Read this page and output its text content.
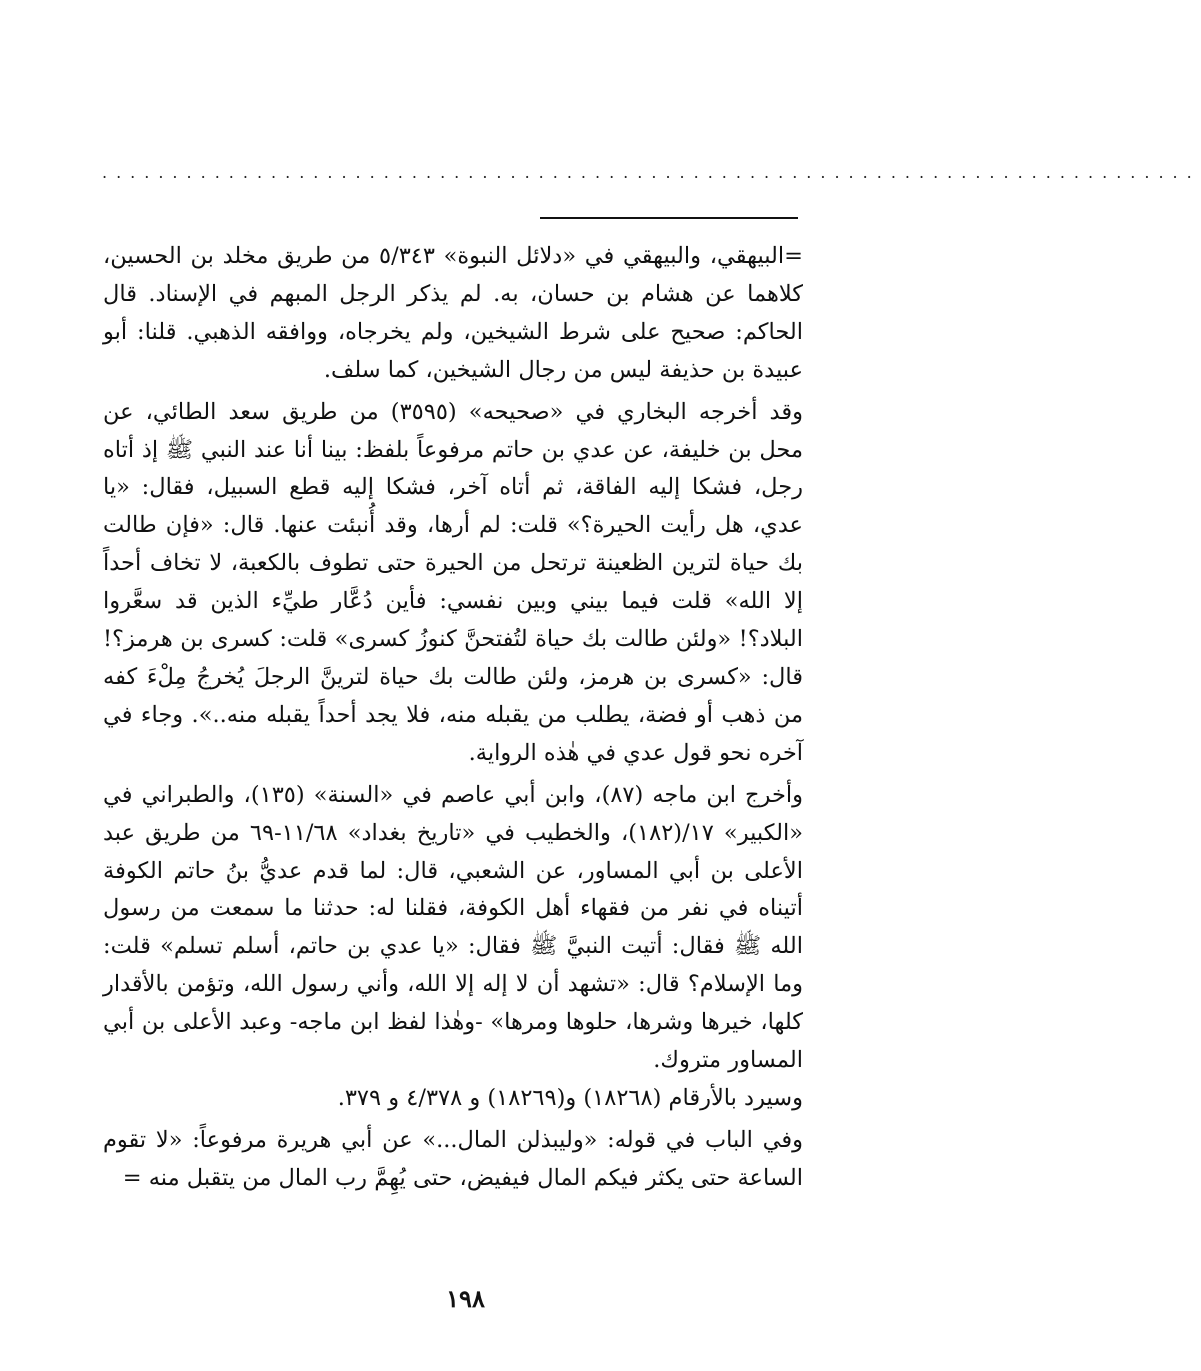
..............................................................................

=البيهقي، والبيهقي في «دلائل النبوة» ٥/٣٤٣ من طريق مخلد بن الحسين، كلاهما عن هشام بن حسان، به. لم يذكر الرجل المبهم في الإسناد. قال الحاكم: صحيح على شرط الشيخين، ولم يخرجاه، ووافقه الذهبي. قلنا: أبو عبيدة بن حذيفة ليس من رجال الشيخين، كما سلف.

وقد أخرجه البخاري في «صحيحه» (٣٥٩٥) من طريق سعد الطائي، عن محل بن خليفة، عن عدي بن حاتم مرفوعاً بلفظ: بينا أنا عند النبي ﷺ إذ أتاه رجل، فشكا إليه الفاقة، ثم أتاه آخر، فشكا إليه قطع السبيل، فقال: «يا عدي، هل رأيت الحيرة؟» قلت: لم أرها، وقد أُنبئت عنها. قال: «فإن طالت بك حياة لترين الظعينة ترتحل من الحيرة حتى تطوف بالكعبة، لا تخاف أحداً إلا الله» قلت فيما بيني وبين نفسي: فأين دُعَّار طيِّء الذين قد سعَّروا البلاد؟! «ولئن طالت بك حياة لتُفتحنَّ كنوزُ كسرى» قلت: كسرى بن هرمز؟! قال: «كسرى بن هرمز، ولئن طالت بك حياة لترينَّ الرجلَ يُخرجُ مِلْءَ كفه من ذهب أو فضة، يطلب من يقبله منه، فلا يجد أحداً يقبله منه..». وجاء في آخره نحو قول عدي في هٰذه الرواية.

وأخرج ابن ماجه (٨٧)، وابن أبي عاصم في «السنة» (١٣٥)، والطبراني في «الكبير» ١٧/(١٨٢)، والخطيب في «تاريخ بغداد» ١١/٦٨-٦٩ من طريق عبد الأعلى بن أبي المساور، عن الشعبي، قال: لما قدم عديُّ بنُ حاتم الكوفة أتيناه في نفر من فقهاء أهل الكوفة، فقلنا له: حدثنا ما سمعت من رسول الله ﷺ فقال: أتيت النبيَّ ﷺ فقال: «يا عدي بن حاتم، أسلم تسلم» قلت: وما الإسلام؟ قال: «تشهد أن لا إله إلا الله، وأني رسول الله، وتؤمن بالأقدار كلها، خيرها وشرها، حلوها ومرها» -وهٰذا لفظ ابن ماجه- وعبد الأعلى بن أبي المساور متروك.

وسيرد بالأرقام (١٨٢٦٨) و(١٨٢٦٩) و ٤/٣٧٨ و ٣٧٩.

وفي الباب في قوله: «وليبذلن المال...» عن أبي هريرة مرفوعاً: «لا تقوم الساعة حتى يكثر فيكم المال فيفيض، حتى يُهِمَّ رب المال من يتقبل منه =

١٩٨
